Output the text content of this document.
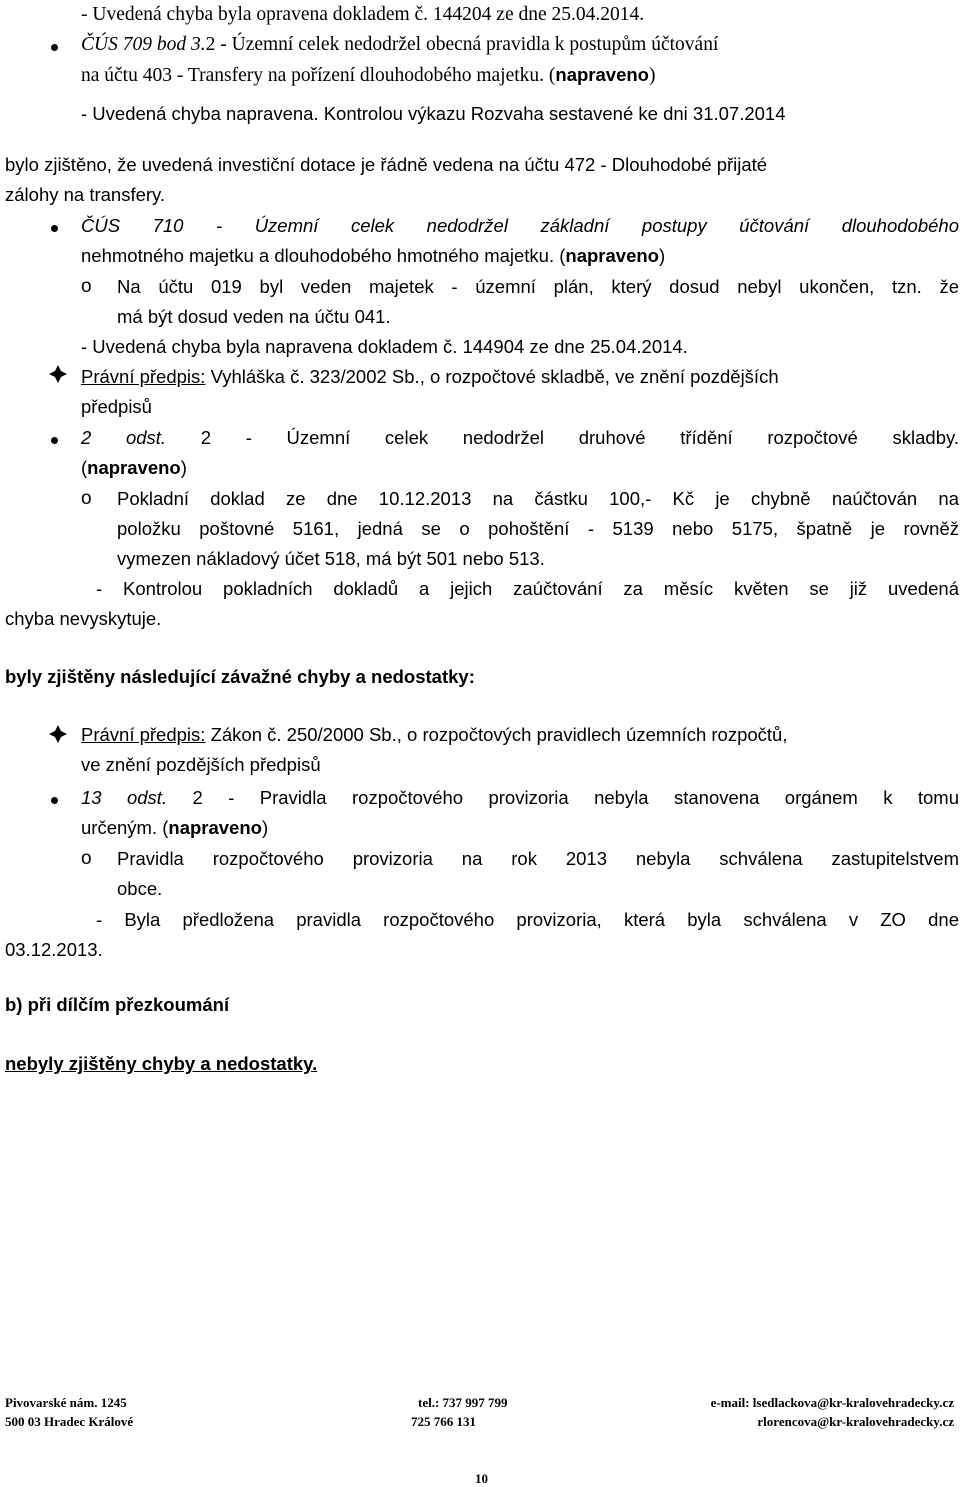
- Uvedená chyba byla opravena dokladem č. 144204 ze dne 25.04.2014.
ČÚS 709 bod 3.2 - Územní celek nedodržel obecná pravidla k postupům účtování
na účtu 403 - Transfery na pořízení dlouhodobého majetku. (napraveno)
- Uvedená chyba napravena. Kontrolou výkazu Rozvaha sestavené ke dni 31.07.2014
bylo zjištěno, že uvedená investiční dotace je řádně vedena na účtu 472 - Dlouhodobé přijaté
zálohy na transfery.
ČÚS 710 - Územní celek nedodržel základní postupy účtování dlouhodobého
nehmotného majetku a dlouhodobého hmotného majetku. (napraveno)
o Na účtu 019 byl veden majetek - územní plán, který dosud nebyl ukončen, tzn. že
má být dosud veden na účtu 041.
- Uvedená chyba byla napravena dokladem č. 144904 ze dne 25.04.2014.
Právní předpis: Vyhláška č. 323/2002 Sb., o rozpočtové skladbě, ve znění pozdějších
předpisů
2 odst. 2 - Územní celek nedodržel druhové třídění rozpočtové skladby.
(napraveno)
o Pokladní doklad ze dne 10.12.2013 na částku 100,- Kč je chybně naúčtován na
položku poštovné 5161, jedná se o pohoštění - 5139 nebo 5175, špatně je rovněž
vymezen nákladový účet 518, má být 501 nebo 513.
- Kontrolou pokladních dokladů a jejich zaúčtování za měsíc květen se již uvedená
chyba nevyskytuje.
byly zjištěny následující závažné chyby a nedostatky:
Právní předpis: Zákon č. 250/2000 Sb., o rozpočtových pravidlech územních rozpočtů,
ve znění pozdějších předpisů
13 odst. 2 - Pravidla rozpočtového provizoria nebyla stanovena orgánem k tomu
určeným. (napraveno)
o Pravidla rozpočtového provizoria na rok 2013 nebyla schválena zastupitelstvem
obce.
- Byla předložena pravidla rozpočtového provizoria, která byla schválena v ZO dne
03.12.2013.
b) při dílčím přezkoumání
nebyly zjištěny chyby a nedostatky.
Pivovarské nám. 1245
500 03 Hradec Králové
tel.: 737 997 799
725 766 131
e-mail: lsedlackova@kr-kralovehradecky.cz
rlorencova@kr-kralovehradecky.cz
10
